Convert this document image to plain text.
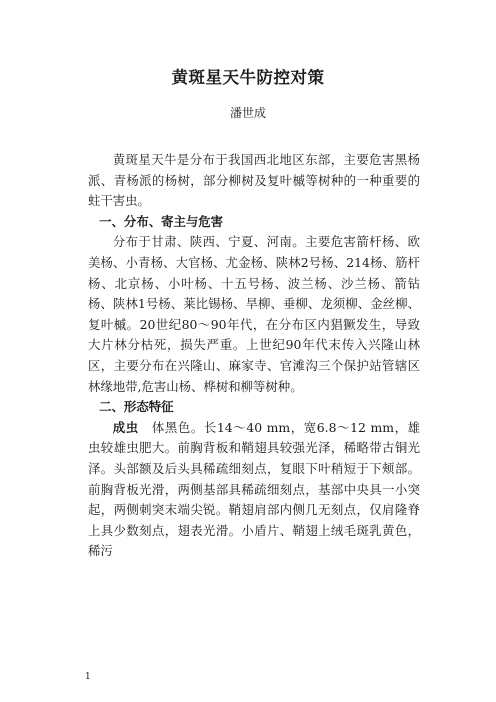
黄斑星天牛防控对策
潘世成

黄斑星天牛是分布于我国西北地区东部，主要危害黑杨派、青杨派的杨树，部分柳树及复叶槭等树种的一种重要的蛀干害虫。

一、分布、寄主与危害

分布于甘肃、陕西、宁夏、河南。主要危害箭杆杨、欧美杨、小青杨、大官杨、尤金杨、陕林2号杨、214杨、筋杆杨、北京杨、小叶杨、十五号杨、波兰杨、沙兰杨、箭钻杨、陕林1号杨、莱比锡杨、旱柳、垂柳、龙须柳、金丝柳、复叶槭。20世纪80～90年代，在分布区内猖獗发生，导致大片林分枯死，损失严重。上世纪90年代末传入兴隆山林区，主要分布在兴隆山、麻家寺、官滩沟三个保护站管辖区林缘地带,危害山杨、桦树和柳等树种。

二、形态特征

成虫　 体黑色。长14～40 mm，宽6.8～12 mm，雄虫较雄虫肥大。前胸背板和鞘翅具较强光泽，稀略带古铜光泽。头部额及后头具稀疏细刻点，复眼下叶稍短于下颊部。前胸背板光滑，两侧基部具稀疏细刻点，基部中央具一小突起，两侧刺突末端尖锐。鞘翅肩部内侧几无刻点，仅肩隆脊上具少数刻点，翅表光滑。小盾片、鞘翅上绒毛斑乳黄色，稀污

1
